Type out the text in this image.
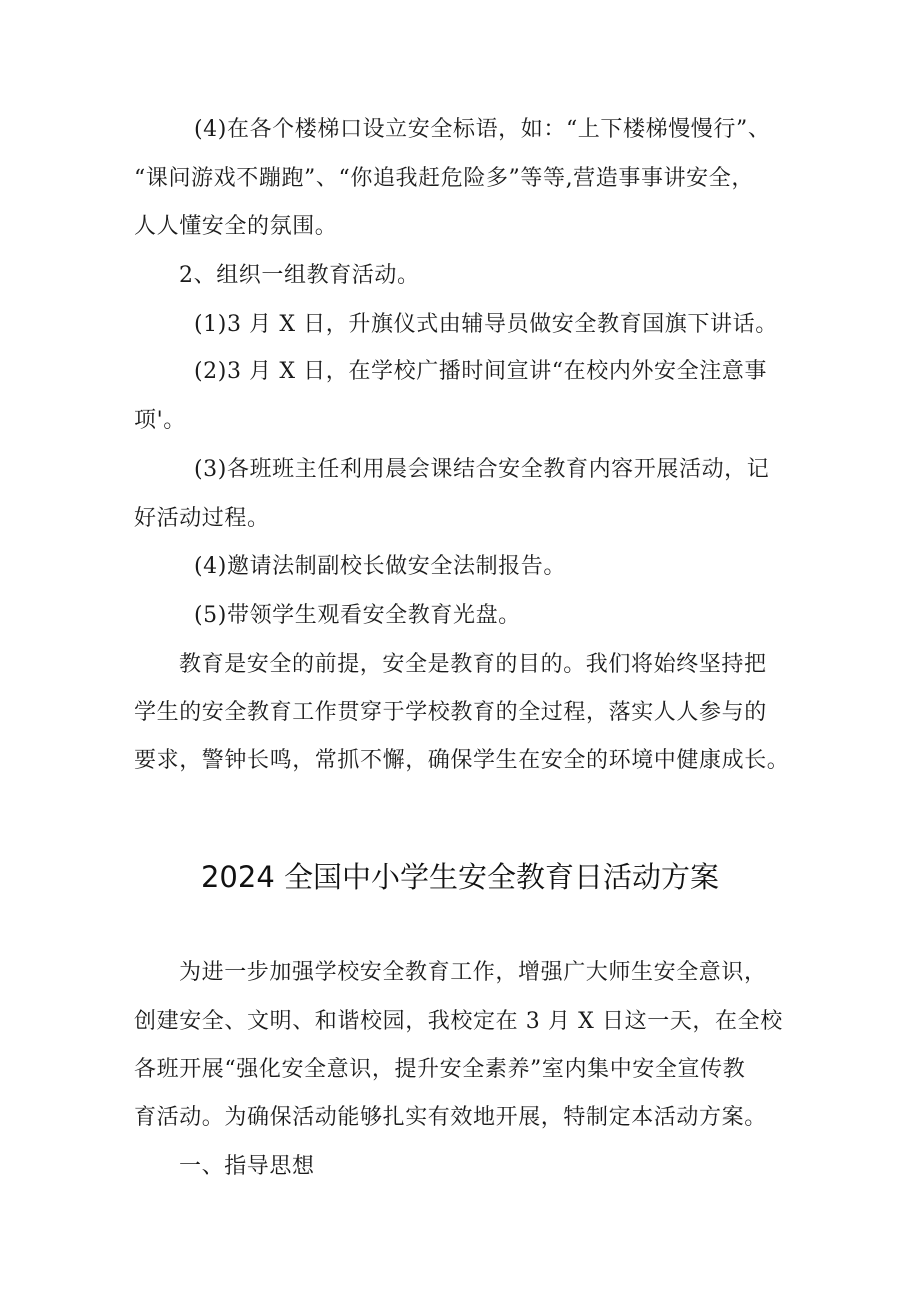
(4)在各个楼梯口设立安全标语，如：“上下楼梯慢慢行”、
“课问游戏不蹦跑”、“你追我赶危险多”等等,营造事事讲安全，
人人懂安全的氛围。
2、组织一组教育活动。
(1)3 月 X 日，升旗仪式由辅导员做安全教育国旗下讲话。
(2)3 月 X 日，在学校广播时间宣讲“在校内外安全注意事
项'。
(3)各班班主任利用晨会课结合安全教育内容开展活动，记
好活动过程。
(4)邀请法制副校长做安全法制报告。
(5)带领学生观看安全教育光盘。
教育是安全的前提，安全是教育的目的。我们将始终坚持把
学生的安全教育工作贯穿于学校教育的全过程，落实人人参与的
要求，警钟长鸣，常抓不懈，确保学生在安全的环境中健康成长。
2024 全国中小学生安全教育日活动方案
为进一步加强学校安全教育工作，增强广大师生安全意识，
创建安全、文明、和谐校园，我校定在 3 月 X 日这一天，在全校
各班开展“强化安全意识，提升安全素养”室内集中安全宣传教
育活动。为确保活动能够扎实有效地开展，特制定本活动方案。
一、指导思想
